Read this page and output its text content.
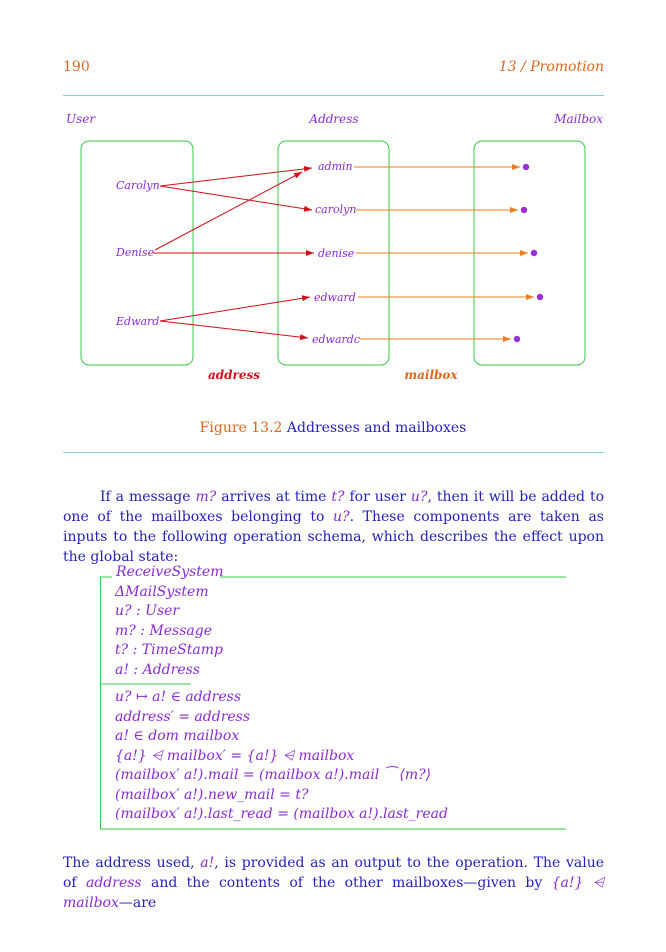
190	13 / Promotion
User	Address	Mailbox
Carolyn
Denise
Edward
admin
carolyn
denise
edward
edwardc
address	mailbox
Figure 13.2 Addresses and mailboxes
If a message m? arrives at time t? for user u?, then it will be added to one of the mailboxes belonging to u?. These components are taken as inputs to the following operation schema, which describes the effect upon the global state:
ReceiveSystem
ΔMailSystem
u? : User
m? : Message
t? : TimeStamp
a! : Address
u? ↦ a! ∈ address
address′ = address
a! ∈ dom mailbox
{a!} ⩤ mailbox′ = {a!} ⩤ mailbox
(mailbox′ a!).mail = (mailbox a!).mail ⁀ ⟨m?⟩
(mailbox′ a!).new_mail = t?
(mailbox′ a!).last_read = (mailbox a!).last_read
The address used, a!, is provided as an output to the operation. The value of address and the contents of the other mailboxes—given by {a!} ⩤ mailbox—are
